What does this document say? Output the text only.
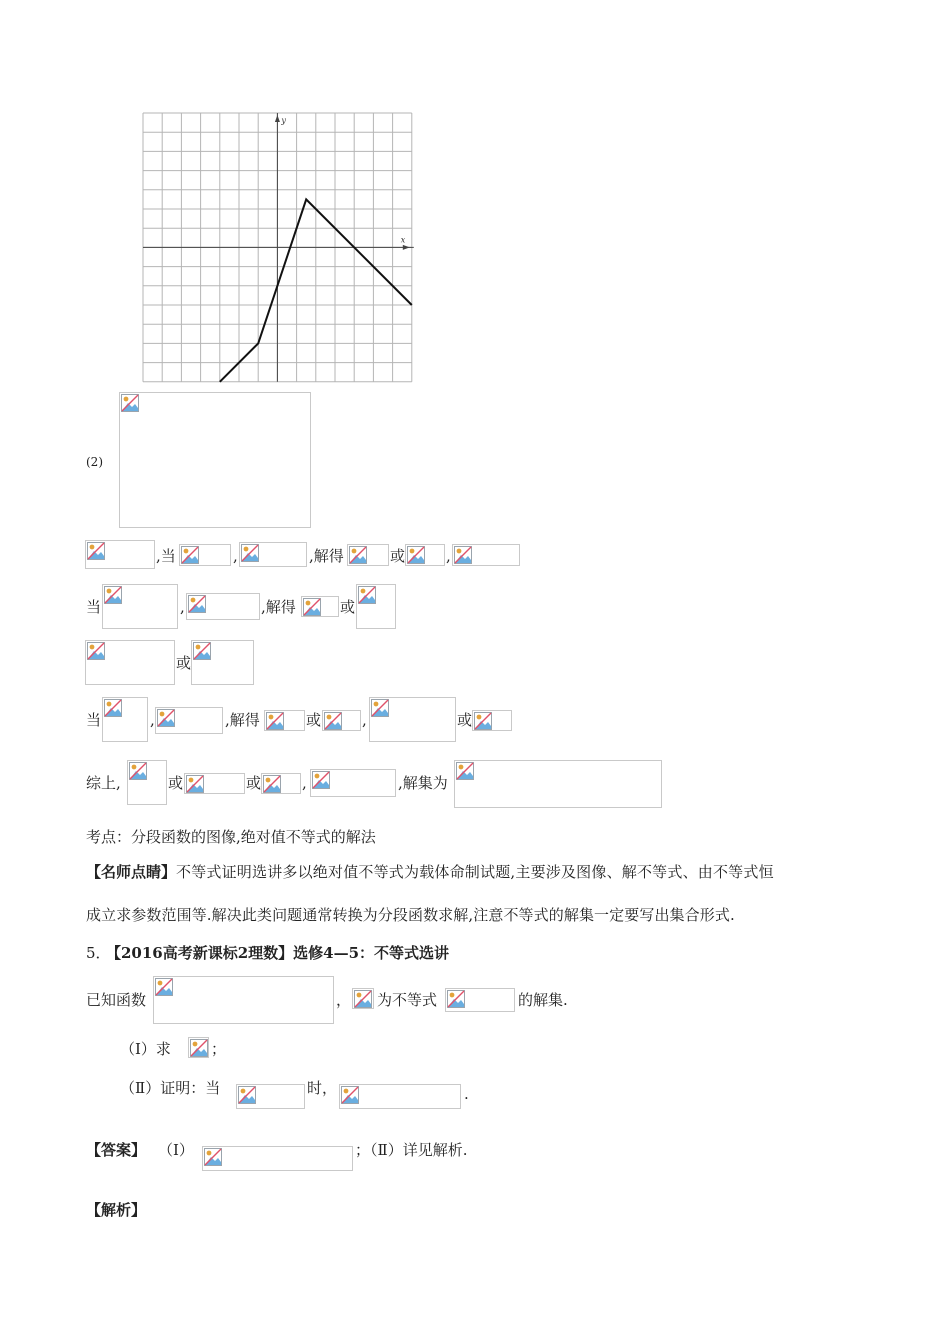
x
y
(2)
,当	,	,解得	或	,
当	,	,解得	或
或
当	,	,解得	或	,	或
综上,	或	或	,	,解集为
考点：分段函数的图像,绝对值不等式的解法
【名师点睛】 不等式证明选讲多以绝对值不等式为载体命制试题,主要涉及图像、解不等式、由不等式恒
成立求参数范围等.解决此类问题通常转换为分段函数求解,注意不等式的解集一定要写出集合形式.
5．
【2016高考新课标2理数】选修4—5：不等式选讲
已知函数	， 为不等式	的解集.
（Ⅰ）求	；
（Ⅱ）证明：当	时，	.
【答案】 （Ⅰ）	；（Ⅱ）详见解析.
【解析】
